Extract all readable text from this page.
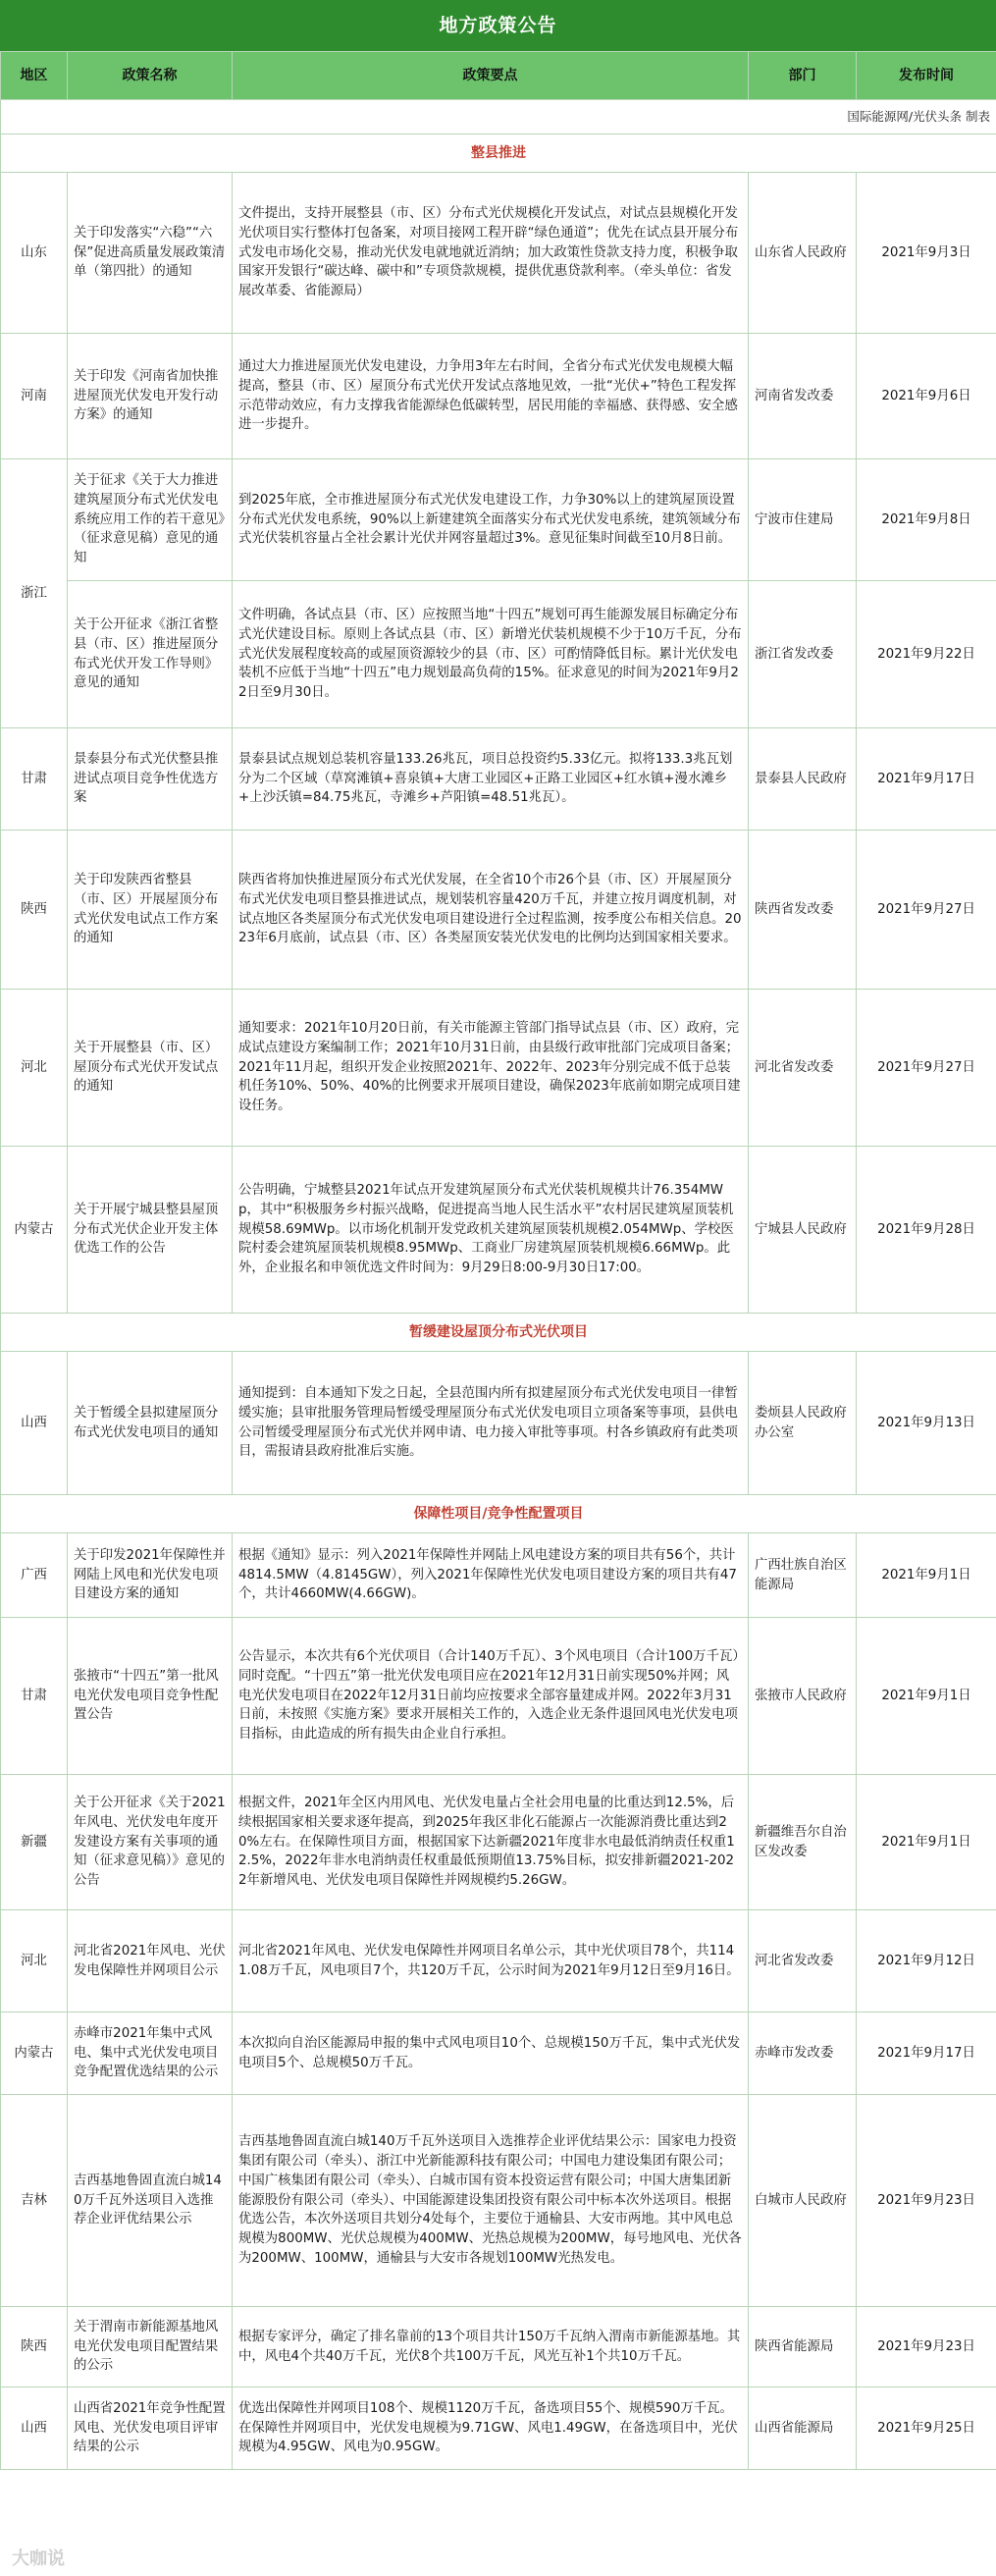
地方政策公告
地区	政策名称	政策要点	部门	发布时间
国际能源网/光伏头条 制表				
整县推进				
山东	关于印发落实“六稳”“六保”促进高质量发展政策清单（第四批）的通知	文件提出，支持开展整县（市、区）分布式光伏规模化开发试点，对试点县规模化开发光伏项目实行整体打包备案，对项目接网工程开辟“绿色通道”；优先在试点县开展分布式发电市场化交易，推动光伏发电就地就近消纳；加大政策性贷款支持力度，积极争取国家开发银行“碳达峰、碳中和”专项贷款规模，提供优惠贷款利率。（牵头单位：省发展改革委、省能源局）	山东省人民政府	2021年9月3日
河南	关于印发《河南省加快推进屋顶光伏发电开发行动方案》的通知	通过大力推进屋顶光伏发电建设，力争用3年左右时间，全省分布式光伏发电规模大幅提高，整县（市、区）屋顶分布式光伏开发试点落地见效，一批“光伏+”特色工程发挥示范带动效应，有力支撑我省能源绿色低碳转型，居民用能的幸福感、获得感、安全感进一步提升。	河南省发改委	2021年9月6日
浙江	关于征求《关于大力推进建筑屋顶分布式光伏发电系统应用工作的若干意见》（征求意见稿）意见的通知	到2025年底，全市推进屋顶分布式光伏发电建设工作，力争30%以上的建筑屋顶设置分布式光伏发电系统，90%以上新建建筑全面落实分布式光伏发电系统，建筑领域分布式光伏装机容量占全社会累计光伏并网容量超过3%。意见征集时间截至10月8日前。	宁波市住建局	2021年9月8日
	关于公开征求《浙江省整县（市、区）推进屋顶分布式光伏开发工作导则》意见的通知	文件明确，各试点县（市、区）应按照当地“十四五”规划可再生能源发展目标确定分布式光伏建设目标。原则上各试点县（市、区）新增光伏装机规模不少于10万千瓦，分布式光伏发展程度较高的或屋顶资源较少的县（市、区）可酌情降低目标。累计光伏发电装机不应低于当地“十四五”电力规划最高负荷的15%。征求意见的时间为2021年9月22日至9月30日。	浙江省发改委	2021年9月22日
甘肃	景泰县分布式光伏整县推进试点项目竞争性优选方案	景泰县试点规划总装机容量133.26兆瓦，项目总投资约5.33亿元。拟将133.3兆瓦划分为二个区域（草窝滩镇+喜泉镇+大唐工业园区+正路工业园区+红水镇+漫水滩乡+上沙沃镇=84.75兆瓦，寺滩乡+芦阳镇=48.51兆瓦）。	景泰县人民政府	2021年9月17日
陕西	关于印发陕西省整县（市、区）开展屋顶分布式光伏发电试点工作方案的通知	陕西省将加快推进屋顶分布式光伏发展，在全省10个市26个县（市、区）开展屋顶分布式光伏发电项目整县推进试点，规划装机容量420万千瓦，并建立按月调度机制，对试点地区各类屋顶分布式光伏发电项目建设进行全过程监测，按季度公布相关信息。2023年6月底前，试点县（市、区）各类屋顶安装光伏发电的比例均达到国家相关要求。	陕西省发改委	2021年9月27日
河北	关于开展整县（市、区）屋顶分布式光伏开发试点的通知	通知要求：2021年10月20日前，有关市能源主管部门指导试点县（市、区）政府，完成试点建设方案编制工作；2021年10月31日前，由县级行政审批部门完成项目备案；2021年11月起，组织开发企业按照2021年、2022年、2023年分别完成不低于总装机任务10%、50%、40%的比例要求开展项目建设，确保2023年底前如期完成项目建设任务。	河北省发改委	2021年9月27日
内蒙古	关于开展宁城县整县屋顶分布式光伏企业开发主体优选工作的公告	公告明确，宁城整县2021年试点开发建筑屋顶分布式光伏装机规模共计76.354MWp，其中“积极服务乡村振兴战略，促进提高当地人民生活水平”农村居民建筑屋顶装机规模58.69MWp。以市场化机制开发党政机关建筑屋顶装机规模2.054MWp、学校医院村委会建筑屋顶装机规模8.95MWp、工商业厂房建筑屋顶装机规模6.66MWp。此外，企业报名和申领优选文件时间为：9月29日8:00-9月30日17:00。	宁城县人民政府	2021年9月28日
暂缓建设屋顶分布式光伏项目				
山西	关于暂缓全县拟建屋顶分布式光伏发电项目的通知	通知提到：自本通知下发之日起，全县范围内所有拟建屋顶分布式光伏发电项目一律暂缓实施；县审批服务管理局暂缓受理屋顶分布式光伏发电项目立项备案等事项，县供电公司暂缓受理屋顶分布式光伏并网申请、电力接入审批等事项。村各乡镇政府有此类项目，需报请县政府批准后实施。	娄烦县人民政府办公室	2021年9月13日
保障性项目/竞争性配置项目				
广西	关于印发2021年保障性并网陆上风电和光伏发电项目建设方案的通知	根据《通知》显示：列入2021年保障性并网陆上风电建设方案的项目共有56个，共计4814.5MW（4.8145GW），列入2021年保障性光伏发电项目建设方案的项目共有47个，共计4660MW(4.66GW)。	广西壮族自治区能源局	2021年9月1日
甘肃	张掖市“十四五”第一批风电光伏发电项目竞争性配置公告	公告显示，本次共有6个光伏项目（合计140万千瓦）、3个风电项目（合计100万千瓦）同时竞配。“十四五”第一批光伏发电项目应在2021年12月31日前实现50%并网；风电光伏发电项目在2022年12月31日前均应按要求全部容量建成并网。2022年3月31日前，未按照《实施方案》要求开展相关工作的，入选企业无条件退回风电光伏发电项目指标，由此造成的所有损失由企业自行承担。	张掖市人民政府	2021年9月1日
新疆	关于公开征求《关于2021年风电、光伏发电年度开发建设方案有关事项的通知（征求意见稿）》意见的公告	根据文件，2021年全区内用风电、光伏发电量占全社会用电量的比重达到12.5%，后续根据国家相关要求逐年提高，到2025年我区非化石能源占一次能源消费比重达到20%左右。在保障性项目方面，根据国家下达新疆2021年度非水电最低消纳责任权重12.5%，2022年非水电消纳责任权重最低预期值13.75%目标，拟安排新疆2021-2022年新增风电、光伏发电项目保障性并网规模约5.26GW。	新疆维吾尔自治区发改委	2021年9月1日
河北	河北省2021年风电、光伏发电保障性并网项目公示	河北省2021年风电、光伏发电保障性并网项目名单公示，其中光伏项目78个，共1141.08万千瓦，风电项目7个，共120万千瓦，公示时间为2021年9月12日至9月16日。	河北省发改委	2021年9月12日
内蒙古	赤峰市2021年集中式风电、集中式光伏发电项目竞争配置优选结果的公示	本次拟向自治区能源局申报的集中式风电项目10个、总规模150万千瓦，集中式光伏发电项目5个、总规模50万千瓦。	赤峰市发改委	2021年9月17日
吉林	吉西基地鲁固直流白城140万千瓦外送项目入选推荐企业评优结果公示	吉西基地鲁固直流白城140万千瓦外送项目入选推荐企业评优结果公示：国家电力投资集团有限公司（牵头）、浙江中光新能源科技有限公司；中国电力建设集团有限公司；中国广核集团有限公司（牵头）、白城市国有资本投资运营有限公司；中国大唐集团新能源股份有限公司（牵头）、中国能源建设集团投资有限公司中标本次外送项目。根据优选公告，本次外送项目共划分4处每个，主要位于通榆县、大安市两地。其中风电总规模为800MW、光伏总规模为400MW、光热总规模为200MW，每号地风电、光伏各为200MW、100MW，通榆县与大安市各规划100MW光热发电。	白城市人民政府	2021年9月23日
陕西	关于渭南市新能源基地风电光伏发电项目配置结果的公示	根据专家评分，确定了排名靠前的13个项目共计150万千瓦纳入渭南市新能源基地。其中，风电4个共40万千瓦，光伏8个共100万千瓦，风光互补1个共10万千瓦。	陕西省能源局	2021年9月23日
山西	山西省2021年竞争性配置风电、光伏发电项目评审结果的公示	优选出保障性并网项目108个、规模1120万千瓦，备选项目55个、规模590万千瓦。在保障性并网项目中，光伏发电规模为9.71GW、风电1.49GW，在备选项目中，光伏规模为4.95GW、风电为0.95GW。	山西省能源局	2021年9月25日
大咖说
